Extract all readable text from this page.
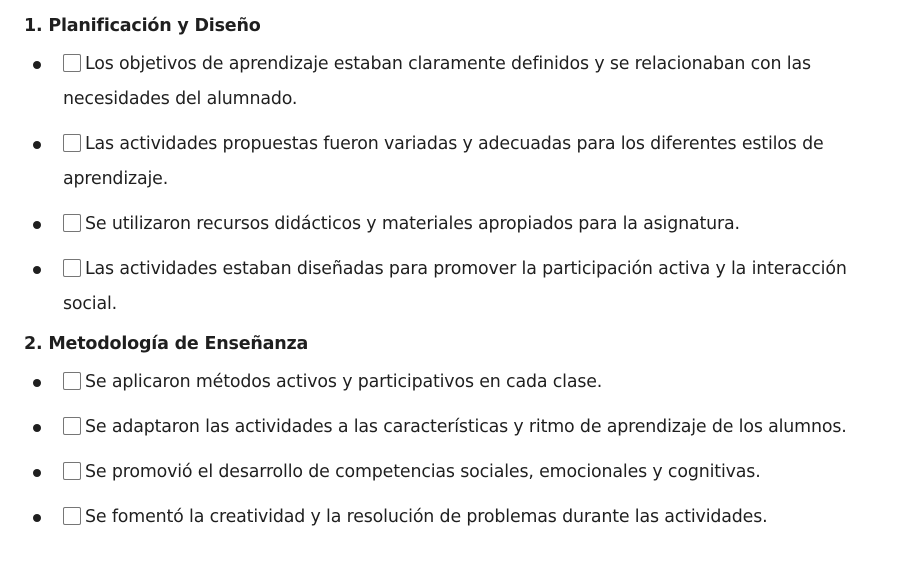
1. Planificación y Diseño
Los objetivos de aprendizaje estaban claramente definidos y se relacionaban con las necesidades del alumnado.
Las actividades propuestas fueron variadas y adecuadas para los diferentes estilos de aprendizaje.
Se utilizaron recursos didácticos y materiales apropiados para la asignatura.
Las actividades estaban diseñadas para promover la participación activa y la interacción social.
2. Metodología de Enseñanza
Se aplicaron métodos activos y participativos en cada clase.
Se adaptaron las actividades a las características y ritmo de aprendizaje de los alumnos.
Se promovió el desarrollo de competencias sociales, emocionales y cognitivas.
Se fomentó la creatividad y la resolución de problemas durante las actividades.
